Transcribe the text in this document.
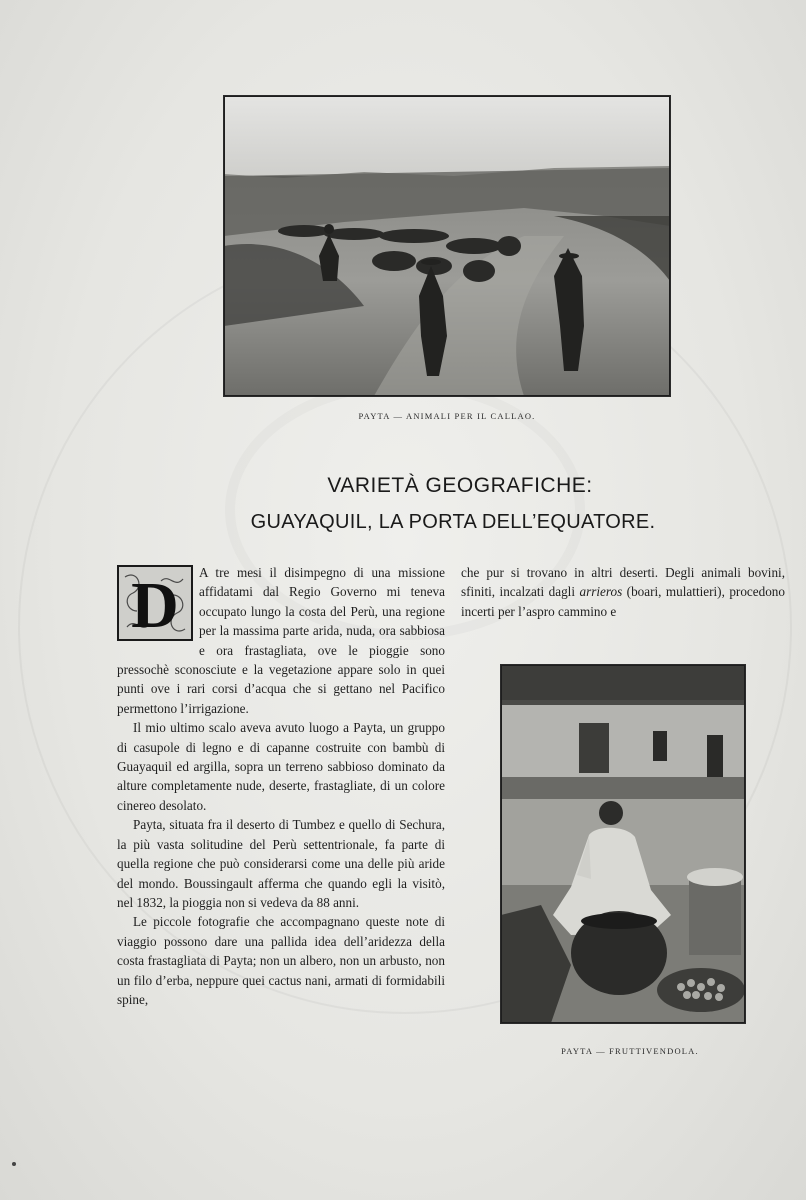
PAYTA — ANIMALI PER IL CALLAO.
VARIETÀ GEOGRAFICHE:
GUAYAQUIL, LA PORTA DELL’EQUATORE.

D A tre mesi il disimpegno di una missione affidatami dal Regio Governo mi teneva occupato lungo la costa del Perù, una regione per la massima parte arida, nuda, ora sabbiosa e ora frastagliata, ove le pioggie sono pressochè sconosciute e la vegetazione appare solo in quei punti ove i rari corsi d’acqua che si gettano nel Pacifico permettono l’irrigazione.

Il mio ultimo scalo aveva avuto luogo a Payta, un gruppo di casupole di legno e di capanne costruite con bambù di Guayaquil ed argilla, sopra un terreno sabbioso dominato da alture completamente nude, deserte, frastagliate, di un colore cinereo desolato.

Payta, situata fra il deserto di Tumbez e quello di Sechura, la più vasta solitudine del Perù settentrionale, fa parte di quella regione che può considerarsi come una delle più aride del mondo. Boussingault afferma che quando egli la visitò, nel 1832, la pioggia non si vedeva da 88 anni.

Le piccole fotografie che accompagnano queste note di viaggio possono dare una pallida idea dell’aridezza della costa frastagliata di Payta; non un albero, non un arbusto, non un filo d’erba, neppure quei cactus nani, armati di formidabili spine,

che pur si trovano in altri deserti. Degli animali bovini, sfiniti, incalzati dagli arrieros (boari, mulattieri), procedono incerti per l’aspro cammino e

PAYTA — FRUTTIVENDOLA.
